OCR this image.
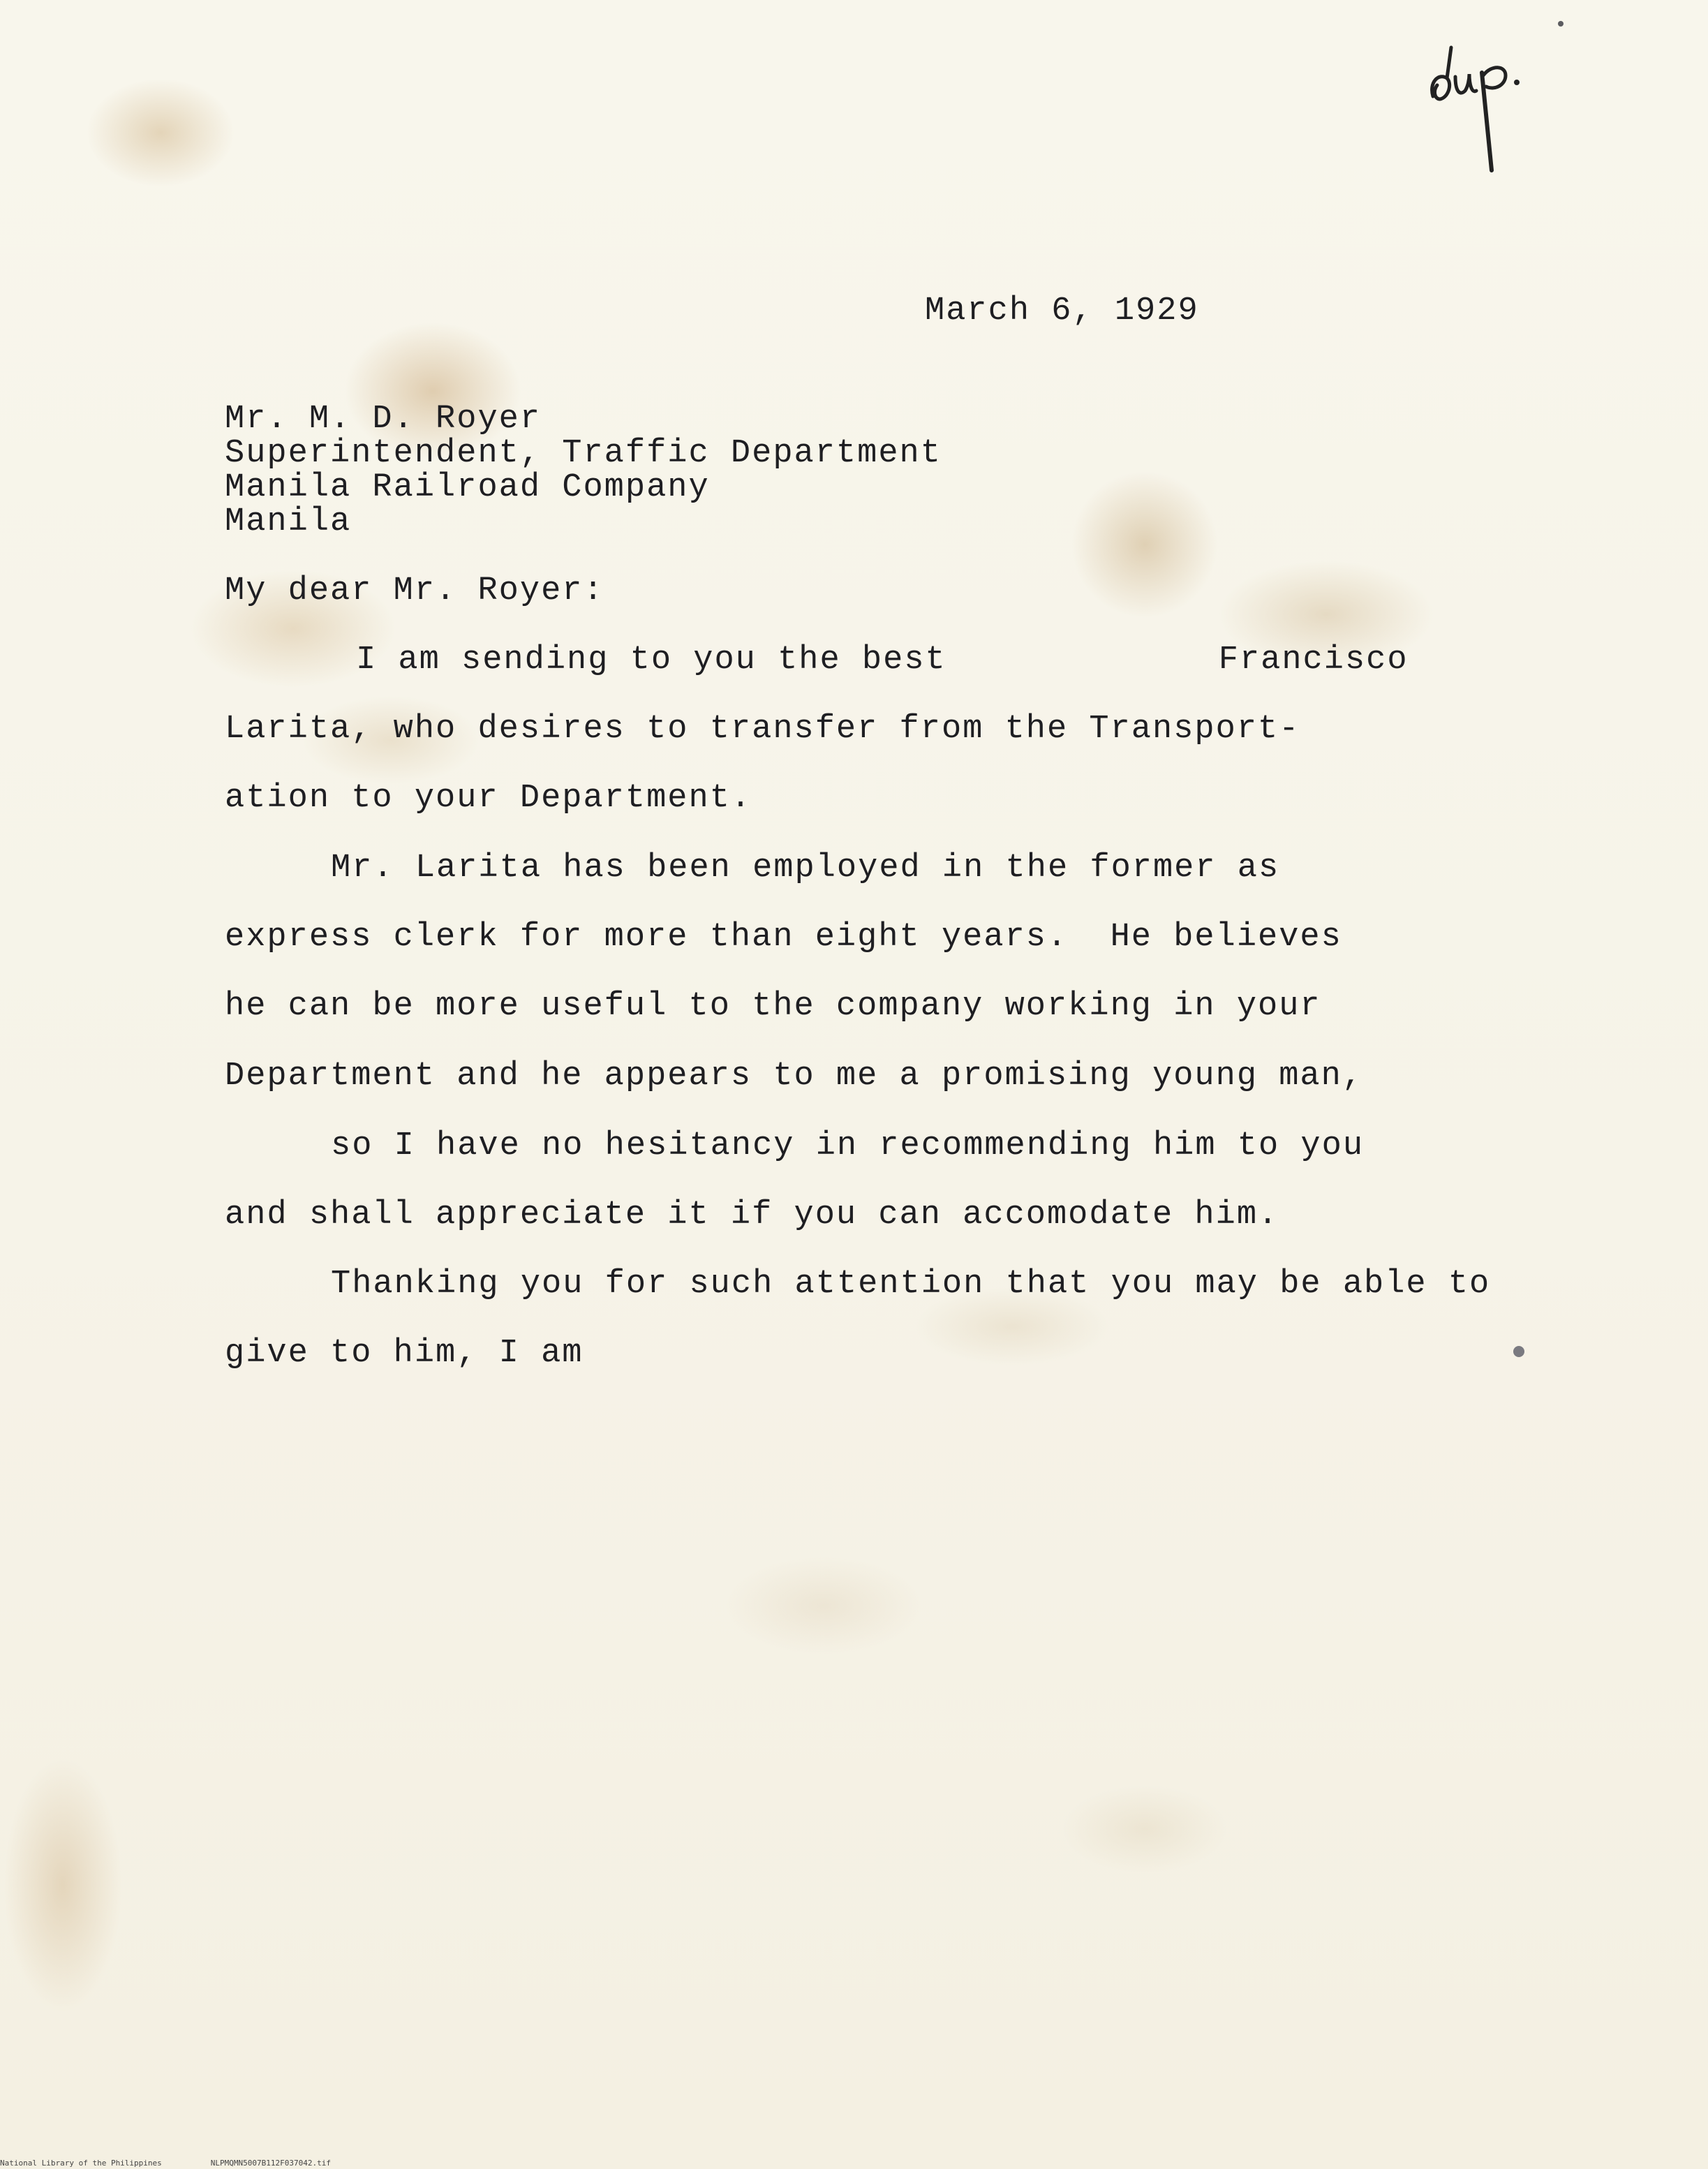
March 6, 1929

Mr. M. D. Royer

Superintendent, Traffic Department

Manila Railroad Company

Manila

My dear Mr. Royer:

I am sending to you the best	Francisco

Larita, who desires to transfer from the Transport-

ation to your Department.

Mr. Larita has been employed in the former as

express clerk for more than eight years.  He believes

he can be more useful to the company working in your

Department and he appears to me a promising young man,

so I have no hesitancy in recommending him to you

and shall appreciate it if you can accomodate him.

Thanking you for such attention that you may be able to

give to him, I am

National Library of the Philippines	NLPMQMN5007B112F037042.tif
